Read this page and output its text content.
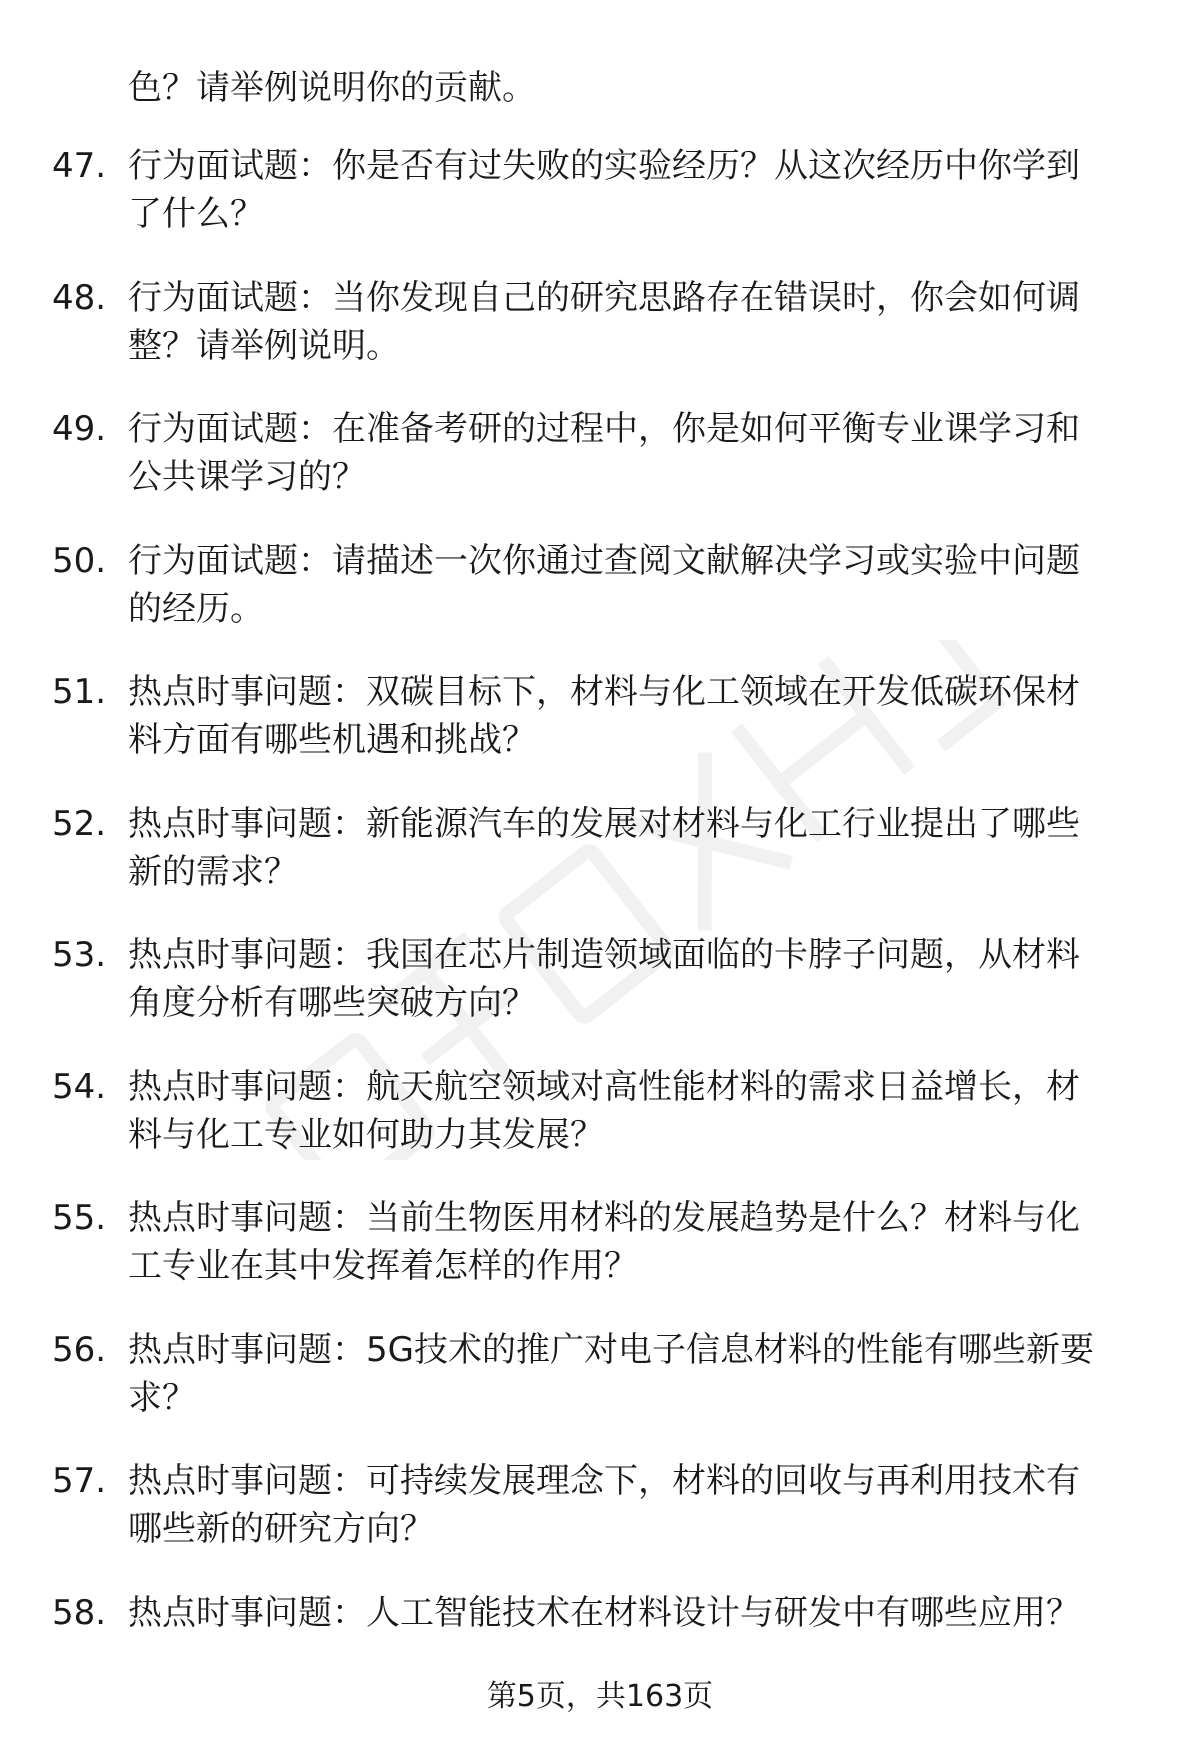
色？请举例说明你的贡献。
47. 行为面试题：你是否有过失败的实验经历？从这次经历中你学到
了什么？
48. 行为面试题：当你发现自己的研究思路存在错误时，你会如何调
整？请举例说明。
49. 行为面试题：在准备考研的过程中，你是如何平衡专业课学习和
公共课学习的？
50. 行为面试题：请描述一次你通过查阅文献解决学习或实验中问题
的经历。
51. 热点时事问题：双碳目标下，材料与化工领域在开发低碳环保材
料方面有哪些机遇和挑战？
52. 热点时事问题：新能源汽车的发展对材料与化工行业提出了哪些
新的需求？
53. 热点时事问题：我国在芯片制造领域面临的卡脖子问题，从材料
角度分析有哪些突破方向？
54. 热点时事问题：航天航空领域对高性能材料的需求日益增长，材
料与化工专业如何助力其发展？
55. 热点时事问题：当前生物医用材料的发展趋势是什么？材料与化
工专业在其中发挥着怎样的作用？
56. 热点时事问题：5G技术的推广对电子信息材料的性能有哪些新要
求？
57. 热点时事问题：可持续发展理念下，材料的回收与再利用技术有
哪些新的研究方向？
58. 热点时事问题：人工智能技术在材料设计与研发中有哪些应用？
第5页，共163页
